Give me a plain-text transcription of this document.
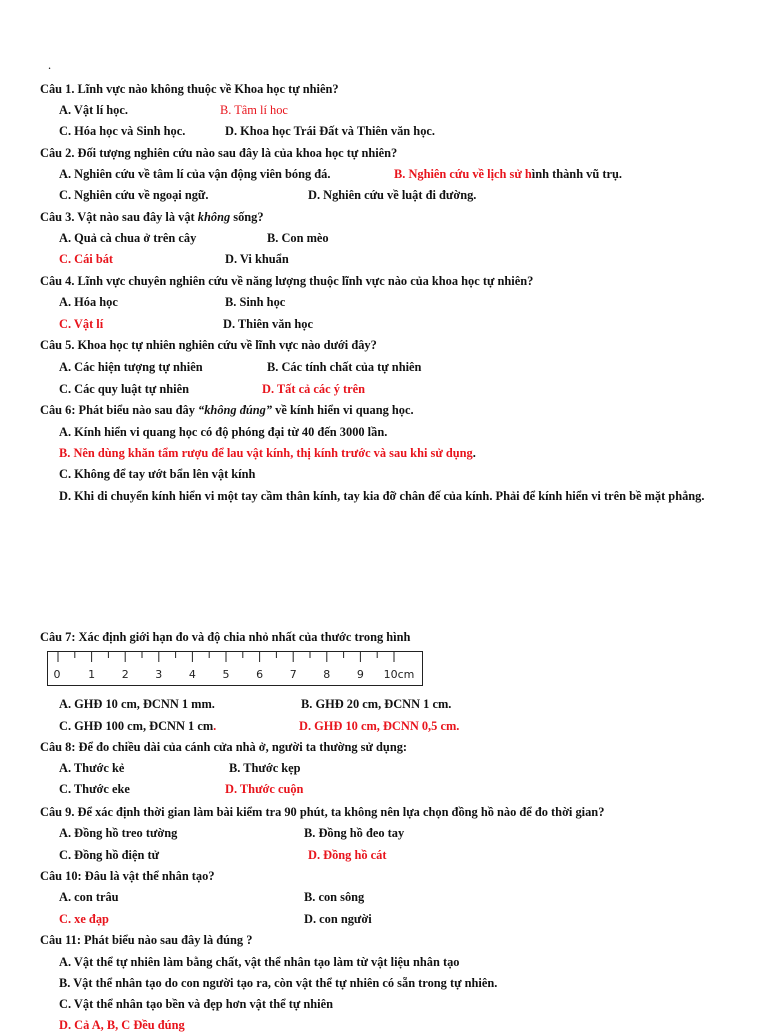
.
Câu 1. Lĩnh vực nào không thuộc về Khoa học tự nhiên?
A. Vật lí học.	B. Tâm lí hoc
C. Hóa học và Sinh học.	D. Khoa học Trái Đất và Thiên văn học.
Câu 2. Đối tượng nghiên cứu nào sau đây là của khoa học tự nhiên?
A. Nghiên cứu về tâm lí của vận động viên bóng đá.	B. Nghiên cứu về lịch sử hình thành vũ trụ.
C. Nghiên cứu về ngoại ngữ.	D. Nghiên cứu về luật đi đường.
Câu 3. Vật nào sau đây là vật không sống?
A. Quả cà chua ở trên cây	B. Con mèo
C. Cái bát	D. Vi khuẩn
Câu 4. Lĩnh vực chuyên nghiên cứu về năng lượng thuộc lĩnh vực nào của khoa học tự nhiên?
A. Hóa học	B. Sinh học
C. Vật lí	D. Thiên văn học
Câu 5. Khoa học tự nhiên nghiên cứu về lĩnh vực nào dưới đây?
A. Các hiện tượng tự nhiên	B. Các tính chất của tự nhiên
C. Các quy luật tự nhiên	D. Tất cả các ý trên
Câu 6: Phát biểu nào sau đây “không đúng” về kính hiển vi quang học.
A. Kính hiển vi quang học có độ phóng đại từ 40 đến 3000 lần.
B. Nên dùng khăn tẩm rượu để lau vật kính, thị kính trước và sau khi sử dụng.
C. Không để tay ướt bẩn lên vật kính
D. Khi di chuyển kính hiển vi một tay cầm thân kính, tay kia đỡ chân đế của kính. Phải để kính hiển vi trên bề mặt phẳng.
Câu 7: Xác định giới hạn đo và độ chia nhỏ nhất của thước trong hình
0	1 2 3 4 5 6 7 8 9 10cm
A. GHĐ 10 cm, ĐCNN 1 mm.	B. GHĐ 20 cm, ĐCNN 1 cm.
C. GHĐ 100 cm, ĐCNN 1 cm.	D. GHĐ 10 cm, ĐCNN 0,5 cm.
Câu 8: Để đo chiều dài của cánh cửa nhà ở, người ta thường sử dụng:
A. Thước kẻ	B. Thước kẹp
C. Thước eke	D. Thước cuộn
Câu 9. Để xác định thời gian làm bài kiểm tra 90 phút, ta không nên lựa chọn đồng hồ nào để đo thời gian?
A. Đồng hồ treo tường	B. Đồng hồ đeo tay
C. Đồng hồ điện tử	D. Đồng hồ cát
Câu 10: Đâu là vật thể nhân tạo?
A. con trâu	B. con sông
C. xe đạp	D. con người
Câu 11: Phát biểu nào sau đây là đúng ?
A. Vật thể tự nhiên làm bằng chất, vật thể nhân tạo làm từ vật liệu nhân tạo
B. Vật thể nhân tạo do con người tạo ra, còn vật thể tự nhiên có sẵn trong tự nhiên.
C. Vật thể nhân tạo bền và đẹp hơn vật thể tự nhiên
D. Cả A, B, C Đều đúng
